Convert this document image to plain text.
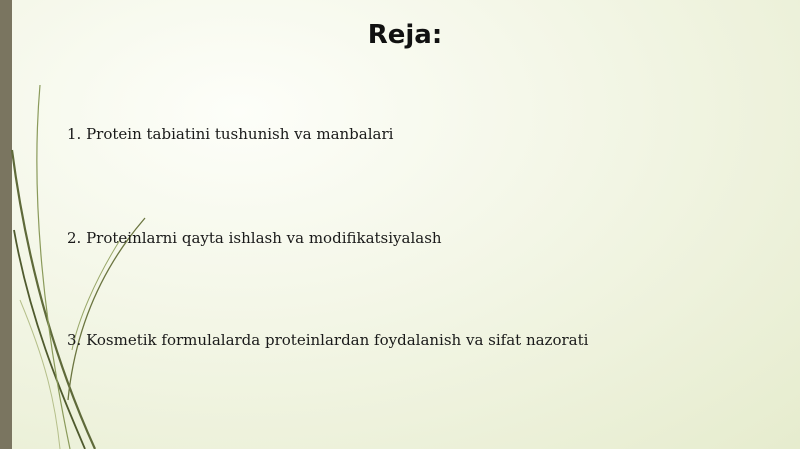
Reja:
1. Protein tabiatini tushunish va manbalari
2. Proteinlarni qayta ishlash va modifikatsiyalash
3. Kosmetik formulalarda proteinlardan foydalanish va sifat nazorati
